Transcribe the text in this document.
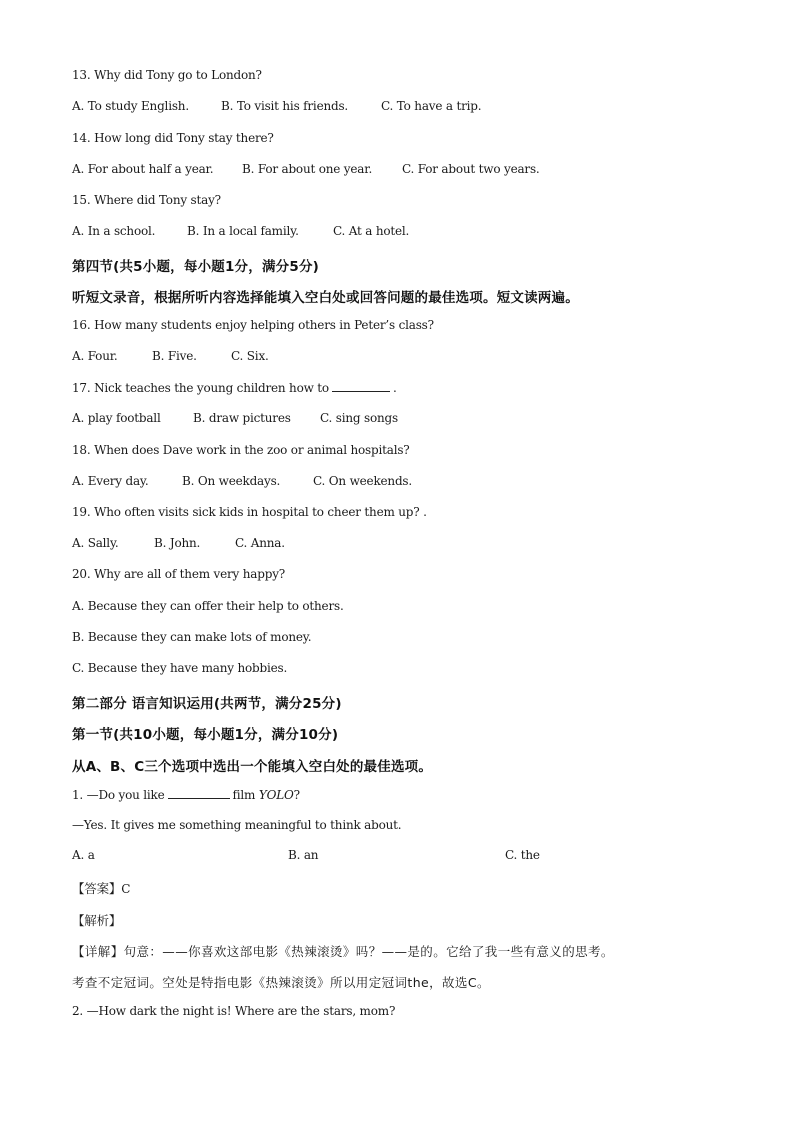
13. Why did Tony go to London?
A. To study English.	B. To visit his friends.	C. To have a trip.
14. How long did Tony stay there?
A. For about half a year. B. For about one year. C. For about two years.
15. Where did Tony stay?
A. In a school.	B. In a local family.	C. At a hotel.
第四节(共5小题，每小题1分，满分5分)
听短文录音，根据所听内容选择能填入空白处或回答问题的最佳选项。短文读两遍。
16. How many students enjoy helping others in Peter’s class?
A. Four.	B. Five.	C. Six.
17. Nick teaches the young children how to	.
A. play football	B. draw pictures C. sing songs
18. When does Dave work in the zoo or animal hospitals?
A. Every day.	B. On weekdays.	C. On weekends.
19. Who often visits sick kids in hospital to cheer them up? .
A. Sally.	B. John.	C. Anna.
20. Why are all of them very happy?
A. Because they can offer their help to others.
B. Because they can make lots of money.
C. Because they have many hobbies.
第二部分 语言知识运用(共两节，满分25分)
第一节(共10小题，每小题1分，满分10分)
从A、B、C三个选项中选出一个能填入空白处的最佳选项。
1. —Do you like	film YOLO?
—Yes. It gives me something meaningful to think about.
A. a	B. an	C. the
【答案】C
【解析】
【详解】句意：——你喜欢这部电影《热辣滚烫》吗？——是的。它给了我一些有意义的思考。
考查不定冠词。空处是特指电影《热辣滚烫》所以用定冠词the，故选C。
2. —How dark the night is! Where are the stars, mom?
